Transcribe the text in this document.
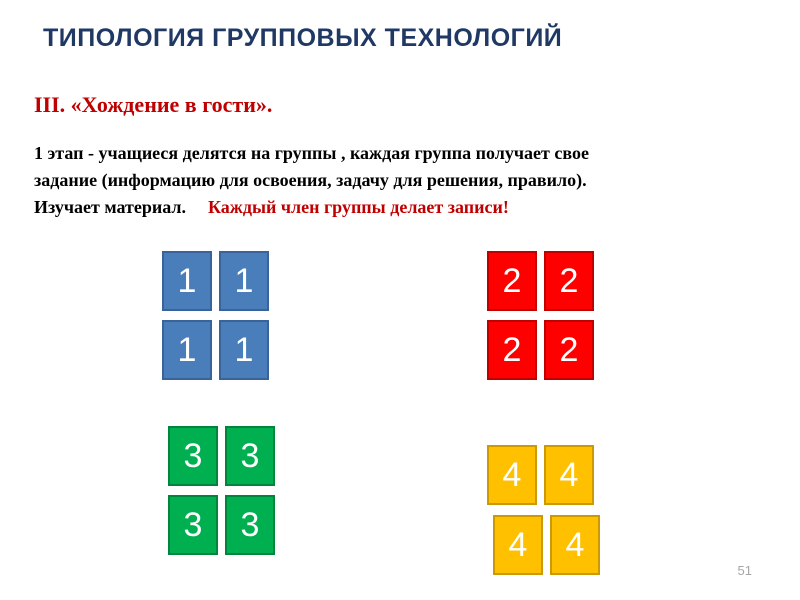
ТИПОЛОГИЯ ГРУППОВЫХ ТЕХНОЛОГИЙ
III. «Хождение в гости».
1 этап - учащиеся делятся на группы , каждая группа получает свое
задание (информацию для освоения, задачу для решения, правило).
Изучает материал. Каждый член группы делает записи!
1	1
1	1
2	2
2	2
3	3
3	3
4	4
4	4
51
